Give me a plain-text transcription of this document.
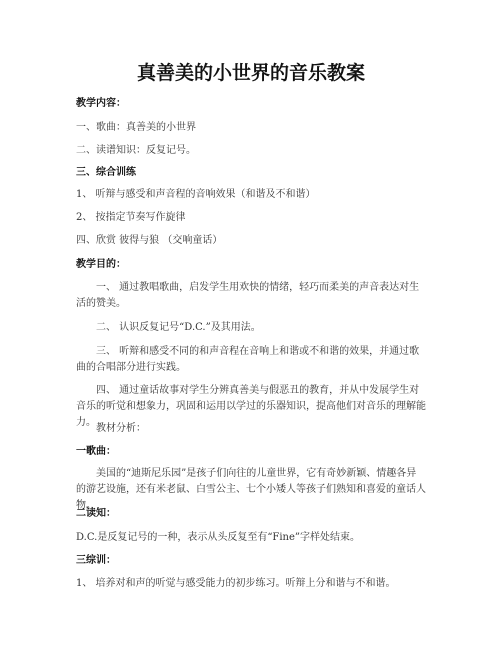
真善美的小世界的音乐教案
教学内容：
一、歌曲：真善美的小世界
二、读谱知识：反复记号。
三、综合训练
1、 听辩与感受和声音程的音响效果（和谐及不和谐）
2、 按指定节奏写作旋律
四、欣赏 彼得与狼 （交响童话）
教学目的：
一、 通过教唱歌曲，启发学生用欢快的情绪，轻巧而柔美的声音表达对生活的赞美。
二、 认识反复记号“D.C.”及其用法。
三、 听辩和感受不同的和声音程在音响上和谐或不和谐的效果，并通过歌曲的合唱部分进行实践。
四、 通过童话故事对学生分辨真善美与假恶丑的教育，并从中发展学生对音乐的听觉和想象力，巩固和运用以学过的乐器知识，提高他们对音乐的理解能力。
教材分析：
一歌曲：
美国的“迪斯尼乐园”是孩子们向往的儿童世界，它有奇妙新颖、情趣各异的游艺设施，还有米老鼠、白雪公主、七个小矮人等孩子们熟知和喜爱的童话人物。
二读知：
D.C.是反复记号的一种，表示从头反复至有“Fine”字样处结束。
三综训：
1、 培养对和声的听觉与感受能力的初步练习。听辩上分和谐与不和谐。
